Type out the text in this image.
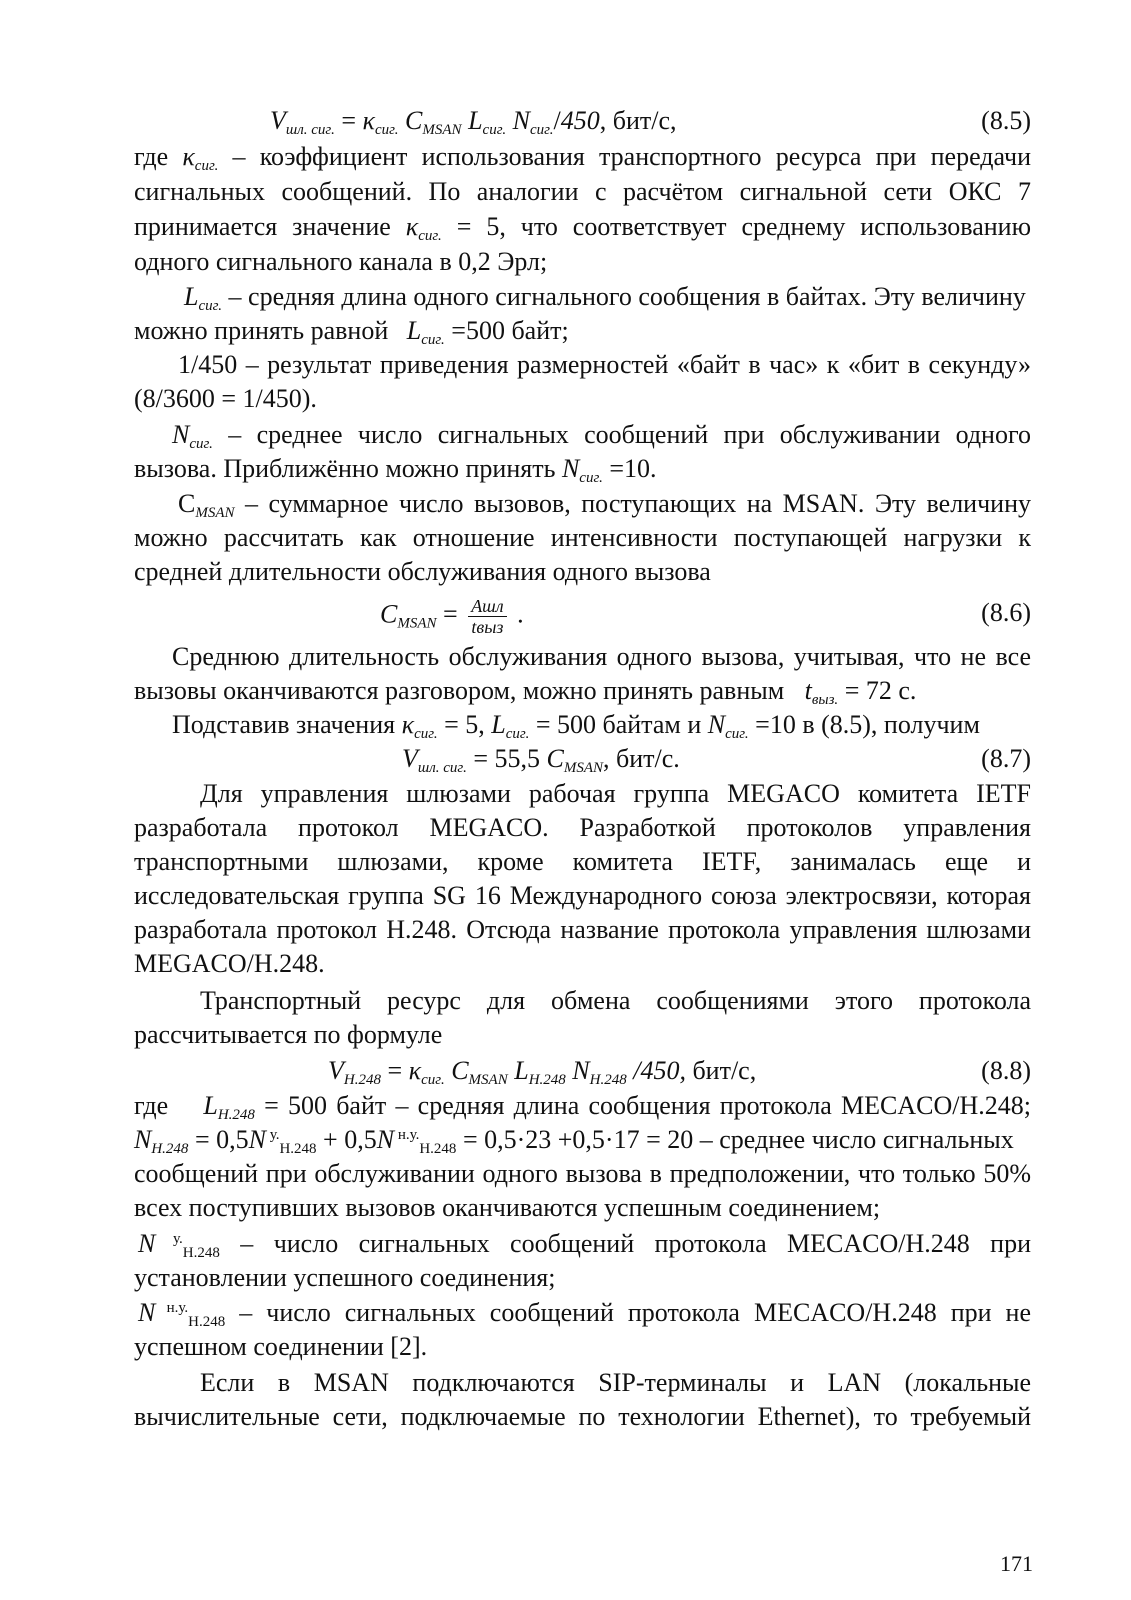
$V_{шл. сиг.} = \kappa_{сиг.}$ $C_{MSAN}$ $L_{сиг.}$ $N_{сиг.}/450$, бит/с,	(8.5)
где $\kappa_{сиг.}$ – коэффициент использования транспортного ресурса при передачи
сигнальных сообщений. По аналогии с расчётом сигнальной сети ОКС 7
принимается значение $\kappa_{сиг.} = 5$, что соответствует среднему использованию
одного сигнального канала в 0,2 Эрл;
$L_{сиг.}$ – средняя длина одного сигнального сообщения в байтах. Эту величину
можно принять равной $L_{сиг.} =500$ байт;
1/450 – результат приведения размерностей «байт в час» к «бит в секунду»
(8/3600 = 1/450).
$N_{сиг.}$ – среднее число сигнальных сообщений при обслуживании одного
вызова. Приближённо можно принять $N_{сиг.} =10$.
$C_{MSAN}$ – суммарное число вызовов, поступающих на MSAN. Эту величину
можно рассчитать как отношение интенсивности поступающей нагрузки к
средней длительности обслуживания одного вызова
$C_{MSAN} = \frac{\text{Aшл}}{\text{tвыз}}$ .	(8.6)
Среднюю длительность обслуживания одного вызова, учитывая, что не все
вызовы оканчиваются разговором, можно принять равным $t_{выз.} = 72$ с.
Подставив значения $\kappa_{сиг.} = 5$, $L_{сиг.} = 500$ байтам и $N_{сиг.} =10$ в (8.5), получим
$V_{шл. сиг.} = 55,5$ $C_{MSAN}$, бит/с.	(8.7)
Для управления шлюзами рабочая группа MEGACO комитета IETF
разработала протокол MEGACO. Разработкой протоколов управления
транспортными шлюзами, кроме комитета IETF, занималась еще и
исследовательская группа SG 16 Международного союза электросвязи, которая
разработала протокол H.248. Отсюда название протокола управления шлюзами
MEGACO/H.248.
Транспортный ресурс для обмена сообщениями этого протокола
рассчитывается по формуле
$V_{H.248} = \kappa_{сиг.}$ $C_{MSAN}$ $L_{H.248}$ $N_{H.248}$ /450, бит/с,	(8.8)
где $L_{H.248} = 500$ байт – средняя длина сообщения протокола MECACO/H.248;
$N_{H.248} = 0,5N$ $^{у.}_{H.248}$ + 0,5N $^{н.у.}_{H.248}$ = 0,5·23 +0,5·17 = 20 – среднее число сигнальных
сообщений при обслуживании одного вызова в предположении, что только 50%
всех поступивших вызовов оканчиваются успешным соединением;
N $^{у.}_{H.248}$ – число сигнальных сообщений протокола MECACO/H.248 при
установлении успешного соединения;
N $^{н.у.}_{H.248}$ – число сигнальных сообщений протокола MECACO/H.248 при не
успешном соединении [2].
Если в MSAN подключаются SIP-терминалы и LAN (локальные
вычислительные сети, подключаемые по технологии Ethernet), то требуемый
171
